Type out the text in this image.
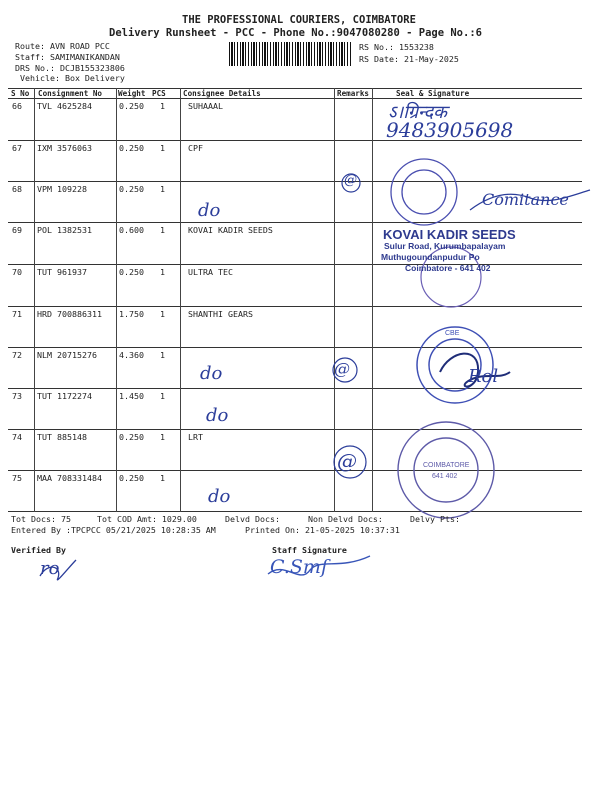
THE PROFESSIONAL COURIERS, COIMBATORE
Delivery Runsheet - PCC - Phone No.:9047080280 - Page No.:6
Route: AVN ROAD PCC
Staff: SAMIMANIKANDAN
DRS No.: DCJB155323806
Vehicle: Box Delivery
RS No.: 1553238
RS Date: 21-May-2025
S No Consignment No Weight PCS Consignee Details	Remarks	Seal & Signature
66 TVL 4625284	0.250 1	SUHAAAL
67 IXM 3576063	0.250 1	CPF
68 VPM 109228	0.250 1
69 POL 1382531	0.600 1	KOVAI KADIR SEEDS
70 TUT 961937	0.250 1	ULTRA TEC
71 HRD 700886311 1.750 1	SHANTHI GEARS
72 NLM 20715276	4.360 1
73 TUT 1172274	1.450 1
74 TUT 885148	0.250 1	LRT
75 MAA 708331484 0.250 1
ऽ।ग्रिन्दक
9483905698
do
do
do
do
@
@
@
Comitance
Rol
KOVAI KADIR SEEDS
Sulur Road, Kurumbapalayam
Muthugoundanpudur Po
Coimbatore - 641 402
CBE
COIMBATORE
641 402
Tot Docs: 75	Tot COD Amt: 1029.00	Delvd Docs:	Non Delvd Docs:	Delvy Pts:
Entered By :TPCPCC 05/21/2025 10:28:35 AM	Printed On: 21-05-2025 10:37:31
Verified By	Staff Signature
ro	C.Smf
